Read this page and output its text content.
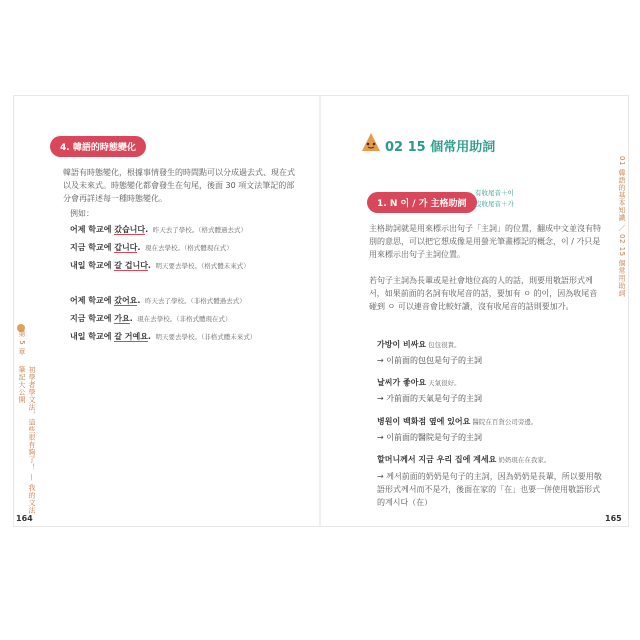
4. 韓語的時態變化
韓語有時態變化，根據事情發生的時間點可以分成過去式、現在式以及未來式。時態變化都會發生在句尾，後面 30 項文法筆記的部分會再詳述每一種時態變化。
例如：
어제 학교에 갔습니다. 昨天去了學校。（格式體過去式）
지금 학교에 갑니다. 現在去學校。（格式體現在式）
내일 학교에 갈 겁니다. 明天要去學校。（格式體未來式）
어제 학교에 갔어요. 昨天去了學校。（非格式體過去式）
지금 학교에 가요. 現在去學校。（非格式體現在式）
내일 학교에 갈 거예요. 明天要去學校。（非格式體未來式）
第 5 章
初學者學文法，這些很有夠了！ — 我的文法筆記大公開
164
02 15 個常用助詞
1. N 이 / 가 主格助詞
有收尾音＋이
沒收尾音＋가
主格助詞就是用來標示出句子「主詞」的位置，翻成中文並沒有特別的意思，可以把它想成像是用螢光筆畫標記的概念，이 / 가只是用來標示出句子主詞位置。
若句子主詞為長輩或是社會地位高的人的話，則要用敬語形式께서，如果前面的名詞有收尾音的話，要加有 ㅇ 的이，因為收尾音碰到 ㅇ 可以連音會比較好讀，沒有收尾音的話則要加가。
가방이 비싸요 包包很貴。
→ 이前面的包包是句子的主詞
날씨가 좋아요 天氣很好。
→ 가前面的天氣是句子的主詞
병원이 백화점 옆에 있어요 醫院在百貨公司旁邊。
→ 이前面的醫院是句子的主詞
할머니께서 지금 우리 집에 계세요 奶奶現在在我家。
→ 께서前面的奶奶是句子的主詞，因為奶奶是長輩，所以要用敬語形式께서而不是가，後面在家的「在」也要一併使用敬語形式的계시다（在）
01 韓語的基本知識 ／ 02 15 個常用助詞
165
